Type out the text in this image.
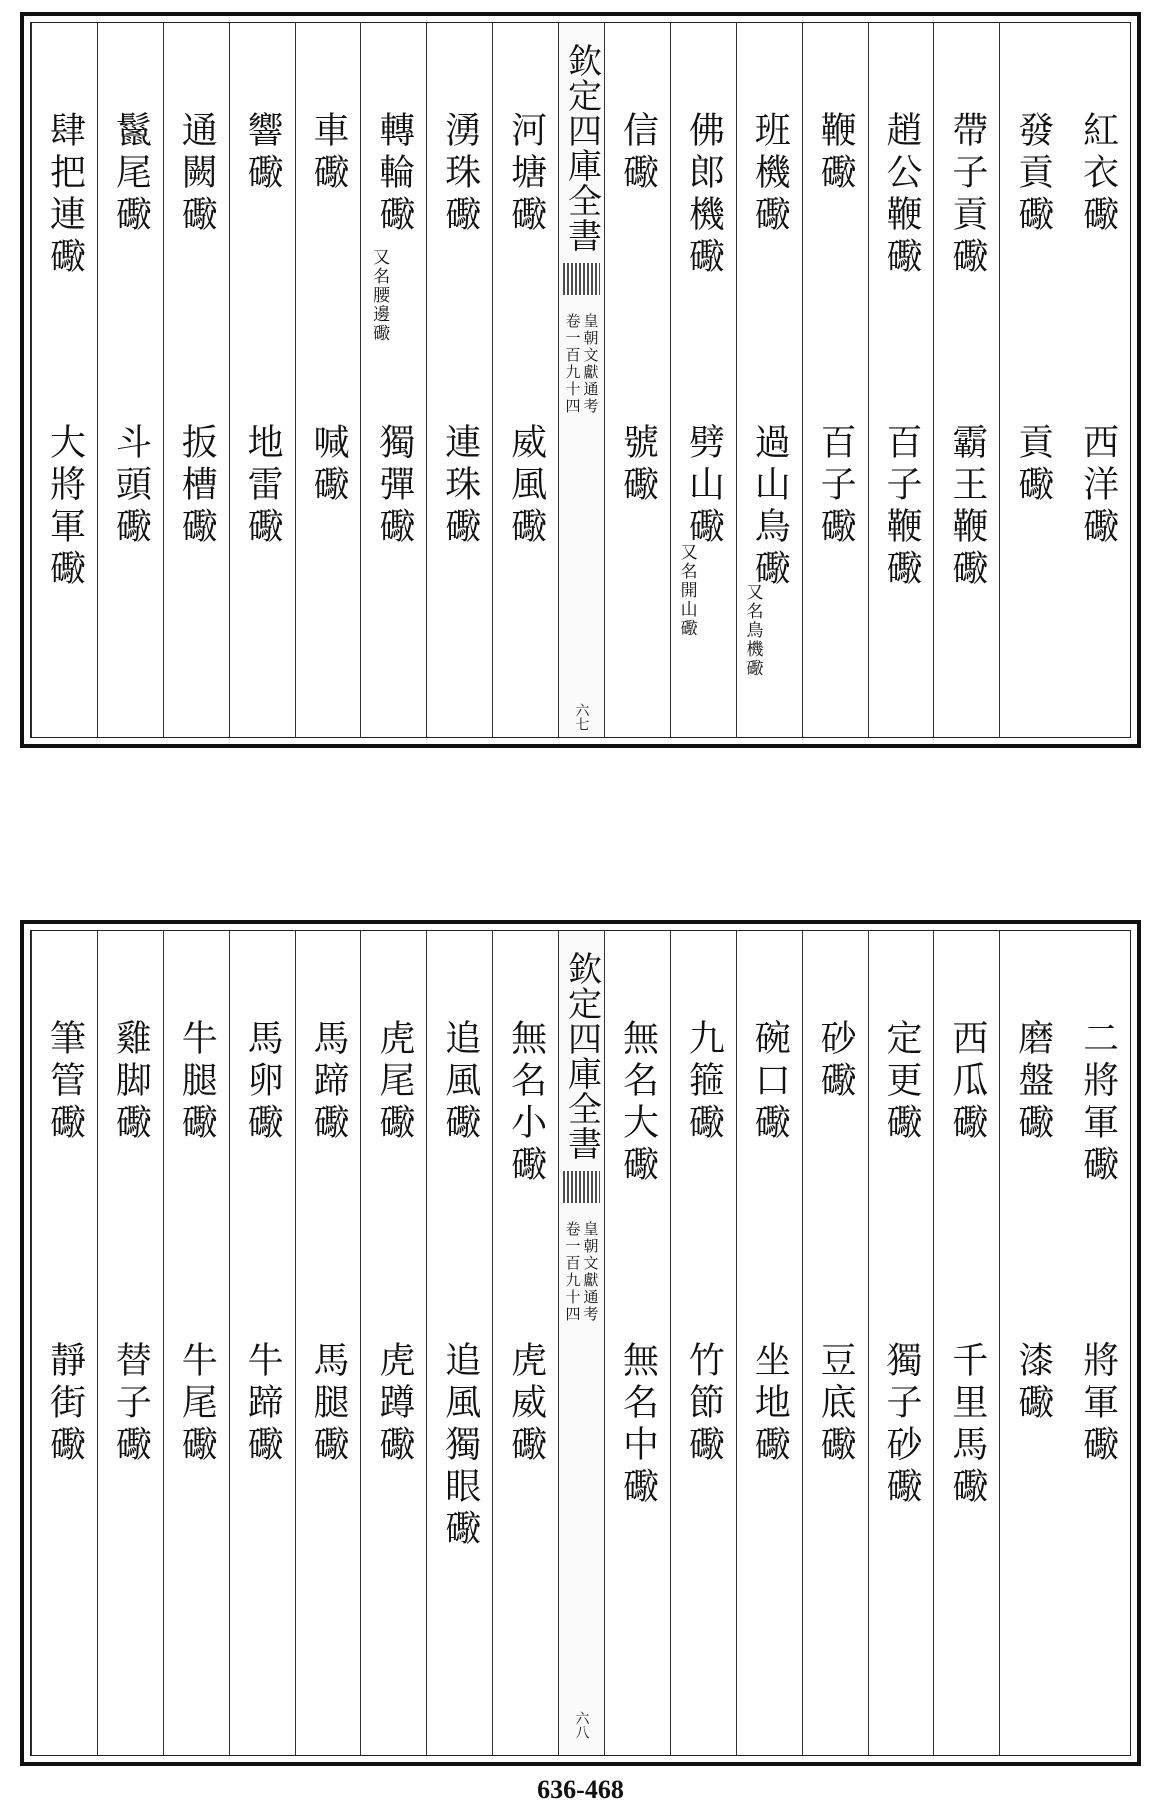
肆把連礮
大將軍礮
鬣尾礮
斗頭礮
通闕礮
扳槽礮
響礮
地雷礮
車礮
喊礮
轉輪礮
又名腰邊礮
獨彈礮
湧珠礮
連珠礮
河塘礮
威風礮
欽定四庫全書
皇朝文獻通考
卷一百九十四
六七
信礮
號礮
佛郎機礮
劈山礮
又名開山礮
班機礮
過山鳥礮
又名鳥機礮
鞭礮
百子礮
趙公鞭礮
百子鞭礮
帶子貢礮
霸王鞭礮
發貢礮
貢礮
紅衣礮
西洋礮
筆管礮
靜街礮
雞脚礮
替子礮
牛腿礮
牛尾礮
馬卵礮
牛蹄礮
馬蹄礮
馬腿礮
虎尾礮
虎蹲礮
追風礮
追風獨眼礮
無名小礮
虎威礮
欽定四庫全書
皇朝文獻通考
卷一百九十四
六八
無名大礮
無名中礮
九箍礮
竹節礮
碗口礮
坐地礮
砂礮
豆底礮
定更礮
獨子砂礮
西瓜礮
千里馬礮
磨盤礮
漆礮
二將軍礮
將軍礮
636-468
